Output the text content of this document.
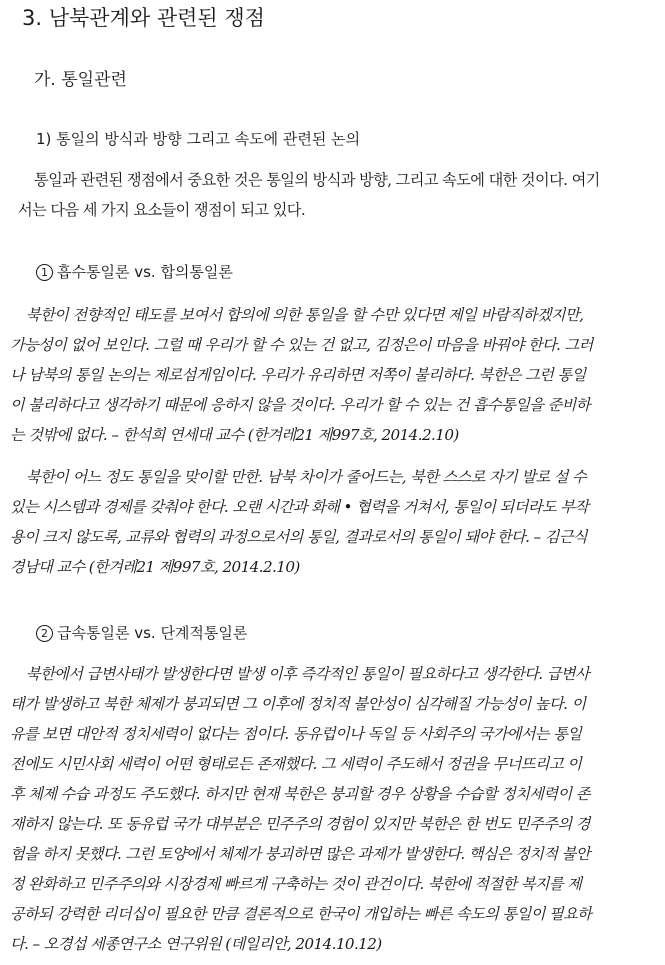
3. 남북관계와 관련된 쟁점
가. 통일관련
1) 통일의 방식과 방향 그리고 속도에 관련된 논의
통일과 관련된 쟁점에서 중요한 것은 통일의 방식과 방향, 그리고 속도에 대한 것이다. 여기
서는 다음 세 가지 요소들이 쟁점이 되고 있다.
1 흡수통일론 vs. 합의통일론
북한이 전향적인 태도를 보여서 합의에 의한 통일을 할 수만 있다면 제일 바람직하겠지만,
가능성이 없어 보인다. 그럴 때 우리가 할 수 있는 건 없고, 김정은이 마음을 바꿔야 한다. 그러
나 남북의 통일 논의는 제로섬게임이다. 우리가 유리하면 저쪽이 불리하다. 북한은 그런 통일
이 불리하다고 생각하기 때문에 응하지 않을 것이다. 우리가 할 수 있는 건 흡수통일을 준비하
는 것밖에 없다. – 한석희 연세대 교수 (한겨레21 제997호, 2014.2.10)
북한이 어느 정도 통일을 맞이할 만한. 남북 차이가 줄어드는, 북한 스스로 자기 발로 설 수
있는 시스템과 경제를 갖춰야 한다. 오랜 시간과 화해 • 협력을 거쳐서, 통일이 되더라도 부작
용이 크지 않도록, 교류와 협력의 과정으로서의 통일, 결과로서의 통일이 돼야 한다. – 김근식
경남대 교수 (한겨레21 제997호, 2014.2.10)
2 급속통일론 vs. 단계적통일론
북한에서 급변사태가 발생한다면 발생 이후 즉각적인 통일이 필요하다고 생각한다. 급변사
태가 발생하고 북한 체제가 붕괴되면 그 이후에 정치적 불안성이 심각해질 가능성이 높다. 이
유를 보면 대안적 정치세력이 없다는 점이다. 동유럽이나 독일 등 사회주의 국가에서는 통일
전에도 시민사회 세력이 어떤 형태로든 존재했다. 그 세력이 주도해서 정권을 무너뜨리고 이
후 체제 수습 과정도 주도했다. 하지만 현재 북한은 붕괴할 경우 상황을 수습할 정치세력이 존
재하지 않는다. 또 동유럽 국가 대부분은 민주주의 경험이 있지만 북한은 한 번도 민주주의 경
험을 하지 못했다. 그런 토양에서 체제가 붕괴하면 많은 과제가 발생한다. 핵심은 정치적 불안
정 완화하고 민주주의와 시장경제 빠르게 구축하는 것이 관건이다. 북한에 적절한 복지를 제
공하되 강력한 리더십이 필요한 만큼 결론적으로 한국이 개입하는 빠른 속도의 통일이 필요하
다. – 오경섭 세종연구소 연구위원 (데일리안, 2014.10.12)
